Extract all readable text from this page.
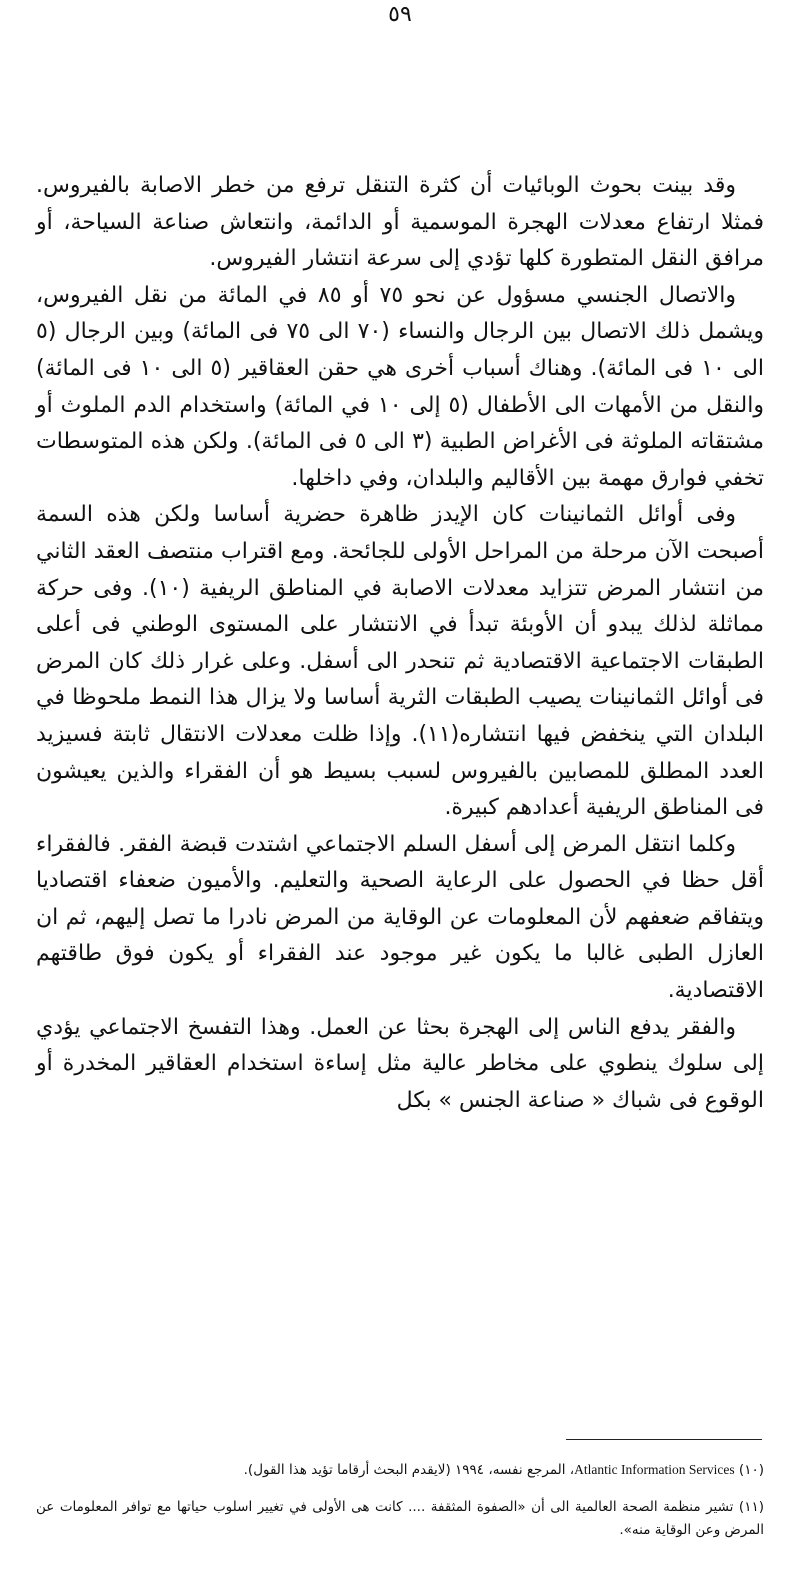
٥٩

وقد بينت بحوث الوبائيات أن كثرة التنقل ترفع من خطر الاصابة بالفيروس. فمثلا ارتفاع معدلات الهجرة الموسمية أو الدائمة، وانتعاش صناعة السياحة، أو مرافق النقل المتطورة كلها تؤدي إلى سرعة انتشار الفيروس.

والاتصال الجنسي مسؤول عن نحو ٧٥ أو ٨٥ في المائة من نقل الفيروس، ويشمل ذلك الاتصال بين الرجال والنساء (٧٠ الى ٧٥ فى المائة) وبين الرجال (٥ الى ١٠ فى المائة). وهناك أسباب أخرى هي حقن العقاقير (٥ الى ١٠ فى المائة) والنقل من الأمهات الى الأطفال (٥ إلى ١٠ في المائة) واستخدام الدم الملوث أو مشتقاته الملوثة فى الأغراض الطبية (٣ الى ٥ فى المائة). ولكن هذه المتوسطات تخفي فوارق مهمة بين الأقاليم والبلدان، وفي داخلها.

وفى أوائل الثمانينات كان الإيدز ظاهرة حضرية أساسا ولكن هذه السمة أصبحت الآن مرحلة من المراحل الأولى للجائحة. ومع اقتراب منتصف العقد الثاني من انتشار المرض تتزايد معدلات الاصابة في المناطق الريفية (١٠). وفى حركة مماثلة لذلك يبدو أن الأوبئة تبدأ في الانتشار على المستوى الوطني فى أعلى الطبقات الاجتماعية الاقتصادية ثم تنحدر الى أسفل. وعلى غرار ذلك كان المرض فى أوائل الثمانينات يصيب الطبقات الثرية أساسا ولا يزال هذا النمط ملحوظا في البلدان التي ينخفض فيها انتشاره(١١). وإذا ظلت معدلات الانتقال ثابتة فسيزيد العدد المطلق للمصابين بالفيروس لسبب بسيط هو أن الفقراء والذين يعيشون فى المناطق الريفية أعدادهم كبيرة.

وكلما انتقل المرض إلى أسفل السلم الاجتماعي اشتدت قبضة الفقر. فالفقراء أقل حظا في الحصول على الرعاية الصحية والتعليم. والأميون ضعفاء اقتصاديا ويتفاقم ضعفهم لأن المعلومات عن الوقاية من المرض نادرا ما تصل إليهم، ثم ان العازل الطبى غالبا ما يكون غير موجود عند الفقراء أو يكون فوق طاقتهم الاقتصادية.

والفقر يدفع الناس إلى الهجرة بحثا عن العمل. وهذا التفسخ الاجتماعي يؤدي إلى سلوك ينطوي على مخاطر عالية مثل إساءة استخدام العقاقير المخدرة أو الوقوع فى شباك « صناعة الجنس » بكل

(١٠) Atlantic Information Services، المرجع نفسه، ١٩٩٤ (لايقدم البحث أرقاما تؤيد هذا القول).

(١١) تشير منظمة الصحة العالمية الى أن «الصفوة المثقفة .... كانت هى الأولى في تغيير اسلوب حياتها مع توافر المعلومات عن المرض وعن الوقاية منه».
